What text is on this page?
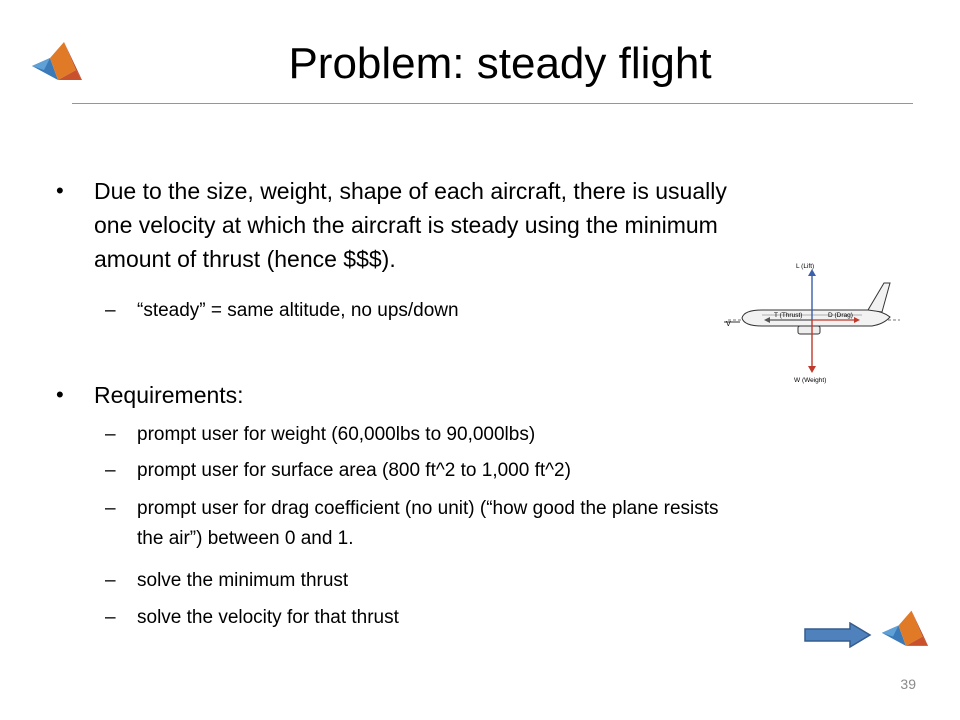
Problem: steady flight
• Due to the size, weight, shape of each aircraft, there is usually
one velocity at which the aircraft is steady using the minimum
amount of thrust (hence $$$).
– “steady” = same altitude, no ups/down
• Requirements:
– prompt user for weight (60,000lbs to 90,000lbs)
– prompt user for surface area (800 ft^2 to 1,000 ft^2)
– prompt user for drag coefficient (no unit) (“how good the plane resists
the air”) between 0 and 1.
– solve the minimum thrust
– solve the velocity for that thrust
V
L (Lift)
T (Thrust)	D (Drag)
W (Weight)
39
